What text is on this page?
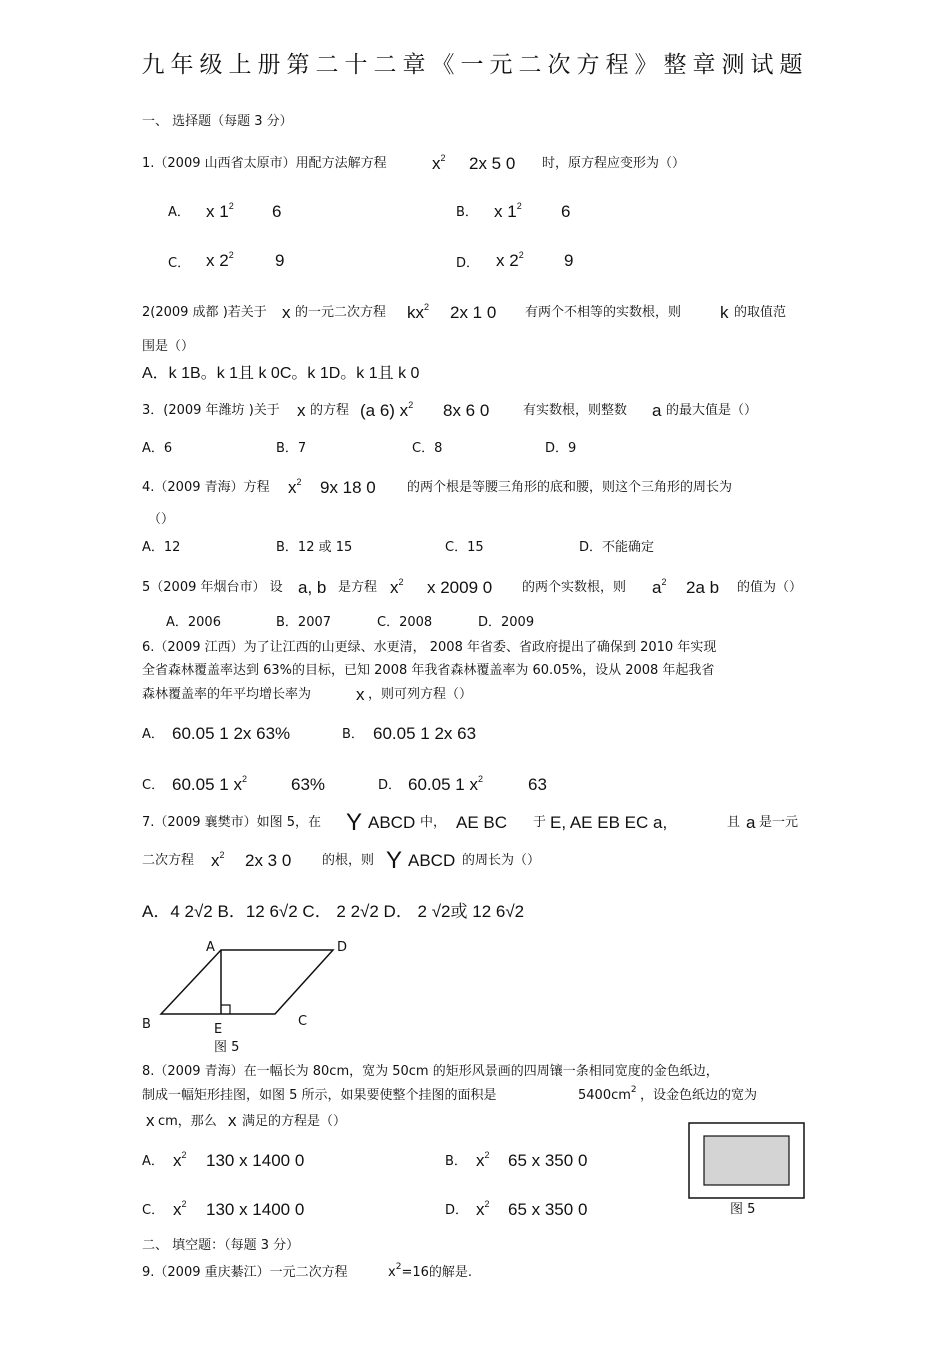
九年级上册第二十二章《一元二次方程》整章测试题
一、 选择题（每题 3 分）
1.（2009 山西省太原市）用配方法解方程	$x^2$ 2x 5 0 时，原方程应变形为（）
A． x $1^2$ 6	B． x $1^2$ 6
C． x $2^2$ 9	D． x $2^2$ 9
2(2009 成都 )若关于 x 的一元二次方程 $kx^2$ 2x 1 0 有两个不相等的实数根，则 k 的取值范
围是（）
A．k 1B。k 1且 k 0C。k 1D。k 1且 k 0
3．(2009 年潍坊 )关于 x 的方程 (a 6) $x^2$ 8x 6 0	有实数根，则整数 a 的最大值是（）
A．6	B．7	C．8	D．9
4.（2009 青海）方程 $x^2$ 9x 18 0 的两个根是等腰三角形的底和腰，则这个三角形的周长为
（）
A．12	B．12 或 15	C．15	D．不能确定
5（2009 年烟台市） 设 a, b 是方程 $x^2$ x 2009 0 的两个实数根，则 $a^2$ 2a b 的值为（）
A．2006	B．2007	C．2008	D．2009
6.（2009 江西）为了让江西的山更绿、水更清， 2008 年省委、省政府提出了确保到 2010 年实现
全省森林覆盖率达到 63%的目标，已知 2008 年我省森林覆盖率为 60.05%，设从 2008 年起我省
森林覆盖率的年平均增长率为	x ，则可列方程（）
A． 60.05 1 2x 63%	B． 60.05 1 2x 63
C． 60.05 1 $x^2$	63%	D． 60.05 1 $x^2$	63
7.（2009 襄樊市）如图 5，在 Y ABCD 中， AE BC 于 E, AE EB EC a,	且 a 是一元
二次方程 $x^2$ 2x 3 0 的根，则 Y ABCD 的周长为（）
A．4 2√2 B．12 6√2 C． 2 2√2 D． 2 √2或 12 6√2
A	D
B	C
E
图 5
8.（2009 青海）在一幅长为 80cm，宽为 50cm 的矩形风景画的四周镶一条相同宽度的金色纸边，
制成一幅矩形挂图，如图 5 所示，如果要使整个挂图的面积是	$5400cm^2$ ，设金色纸边的宽为
x cm，那么 x 满足的方程是（）
A． $x^2$ 130 x 1400 0	B． $x^2$ 65 x 350 0
C． $x^2$ 130 x 1400 0	D． $x^2$ 65 x 350 0	图 5
二、 填空题：（每题 3 分）
9.（2009 重庆綦江）一元二次方程	$x^2=16$的解是.
